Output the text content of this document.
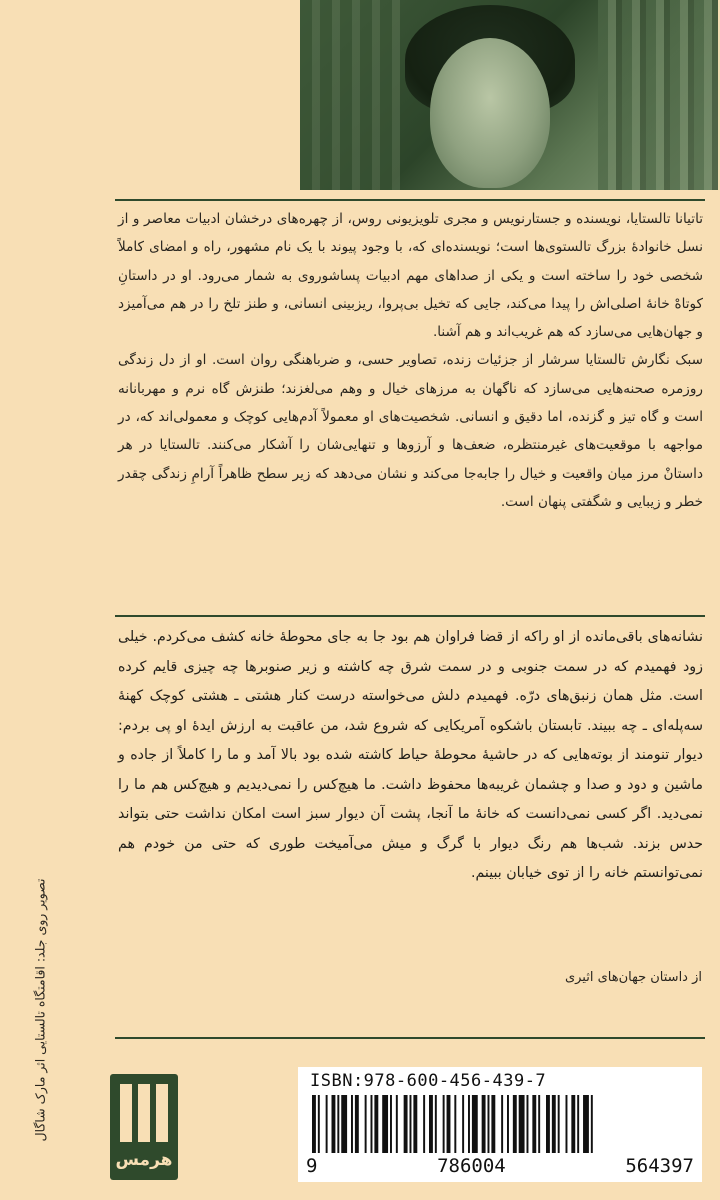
تاتیانا تالستایا، نویسنده و جستارنویس و مجری تلویزیونی روس، از چهره‌های درخشان ادبیات معاصر و از نسل خانوادهٔ بزرگ تالستوی‌ها است؛ نویسنده‌ای که، با وجود پیوند با یک نام مشهور، راه و امضای کاملاً شخصی خود را ساخته است و یکی از صداهای مهم ادبیات پساشوروی به شمار می‌رود. او در داستانِ کوتاهْ خانهٔ اصلی‌اش را پیدا می‌کند، جایی که تخیل بی‌پروا، ریزبینی انسانی، و طنز تلخ را در هم می‌آمیزد و جهان‌هایی می‌سازد که هم غریب‌اند و هم آشنا.

سبک نگارش تالستایا سرشار از جزئیات زنده، تصاویر حسی، و ضرباهنگی روان است. او از دل زندگی روزمره صحنه‌هایی می‌سازد که ناگهان به مرزهای خیال و وهم می‌لغزند؛ طنزش گاه نرم و مهربانانه است و گاه تیز و گزنده، اما دقیق و انسانی. شخصیت‌های او معمولاً آدم‌هایی کوچک و معمولی‌اند که، در مواجهه با موقعیت‌های غیرمنتظره، ضعف‌ها و آرزوها و تنهایی‌شان را آشکار می‌کنند. تالستایا در هر داستانْ مرز میان واقعیت و خیال را جابه‌جا می‌کند و نشان می‌دهد که زیر سطح ظاهراً آرامِ زندگی چقدر خطر و زیبایی و شگفتی پنهان است.

نشانه‌های باقی‌مانده از او راکه از قضا فراوان هم بود جا به جای محوطهٔ خانه کشف می‌کردم. خیلی زود فهمیدم که در سمت جنوبی و در سمت شرق چه کاشته و زیر صنوبرها چه چیزی قایم کرده است. مثل همان زنبق‌های درّه. فهمیدم دلش می‌خواسته درست کنار هشتی ـ هشتی کوچک کهنهٔ سه‌پله‌ای ـ چه ببیند. تابستان باشکوه آمریکایی که شروع شد، من عاقبت به ارزش ایدهٔ او پی بردم: دیوار تنومند از بوته‌هایی که در حاشیهٔ محوطهٔ حیاط کاشته شده بود بالا آمد و ما را کاملاً از جاده و ماشین و دود و صدا و چشمان غریبه‌ها محفوظ داشت. ما هیچ‌کس را نمی‌دیدیم و هیچ‌کس هم ما را نمی‌دید. اگر کسی نمی‌دانست که خانهٔ ما آنجا، پشت آن دیوار سبز است امکان نداشت حتی بتواند حدس بزند. شب‌ها هم رنگ دیوار با گرگ و میش می‌آمیخت طوری که حتی من خودم هم نمی‌توانستم خانه را از توی خیابان ببینم.

از داستان جهان‌های اثیری
تصویر روی جلد: اقامتگاه تالستایی اثر مارک شاگال
هرمس
ISBN:978-600-456-439-7
9	786004	564397
